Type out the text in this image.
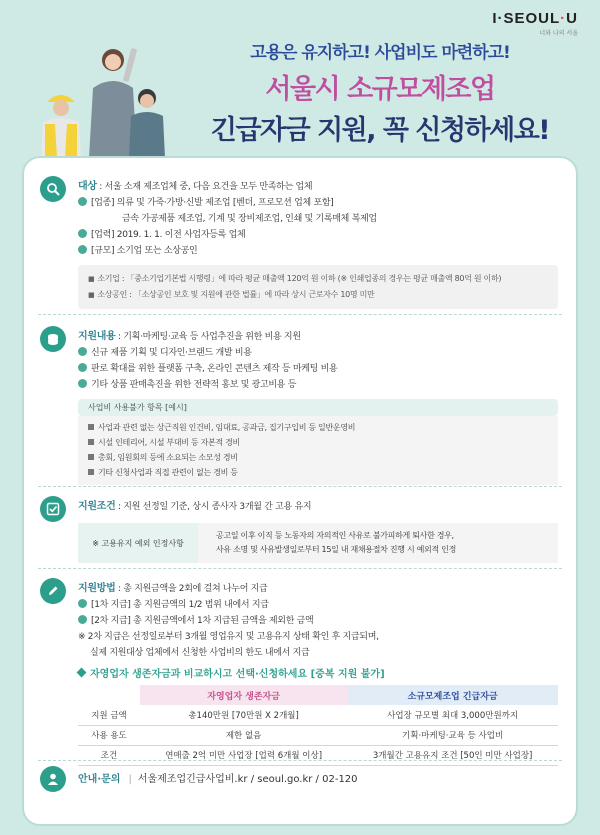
I·SEOUL·U
너와 나의 서울
고용은 유지하고! 사업비도 마련하고!
서울시 소규모제조업
긴급자금 지원, 꼭 신청하세요!
대상 : 서울 소재 제조업체 중, 다음 요건을 모두 만족하는 업체
[업종] 의류 및 가죽·가방·신발 제조업 [벤더, 프로모션 업체 포함]
금속 가공제품 제조업, 기계 및 장비제조업, 인쇄 및 기록매체 복제업
[업력] 2019. 1. 1. 이전 사업자등록 업체
[규모] 소기업 또는 소상공인
■ 소기업 : 「중소기업기본법 시행령」에 따라 평균 매출액 120억 원 이하 (※ 인쇄업종의 경우는 평균 매출액 80억 원 이하)
■ 소상공인 : 「소상공인 보호 및 지원에 관한 법률」에 따라 상시 근로자수 10명 미만
지원내용 : 기획·마케팅·교육 등 사업추진을 위한 비용 지원
신규 제품 기획 및 디자인·브랜드 개발 비용
판로 확대를 위한 플랫폼 구축, 온라인 콘텐츠 제작 등 마케팅 비용
기타 상품 판매촉진을 위한 전략적 홍보 및 광고비용 등
사업비 사용불가 항목 [예시]
사업과 관련 없는 상근직원 인건비, 임대료, 공과금, 집기구입비 등 일반운영비
시설 인테리어, 시설 부대비 등 자본적 경비
총회, 임원회의 등에 소요되는 소모성 경비
기타 신청사업과 직접 관련이 없는 경비 등
지원조건 : 지원 선정일 기준, 상시 종사자 3개월 간 고용 유지
※ 고용유지 예외 인정사항
공고일 이후 이직 등 노동자의 자의적인 사유로 불가피하게 퇴사한 경우,
사유 소명 및 사유발생일로부터 15일 내 재채용절차 진행 시 예외적 인정
지원방법 : 총 지원금액을 2회에 걸쳐 나누어 지급
[1차 지급] 총 지원금액의 1/2 범위 내에서 지급
[2차 지급] 총 지원금액에서 1차 지급된 금액을 제외한 금액
※ 2차 지급은 선정일로부터 3개월 영업유지 및 고용유지 상태 확인 후 지급되며,
실제 지원대상 업체에서 신청한 사업비의 한도 내에서 지급
자영업자 생존자금과 비교하시고 선택·신청하세요 [중복 지원 불가]
	자영업자 생존자금	소규모제조업 긴급자금
지원 금액	총140만원 [70만원 X 2개월]	사업장 규모별 최대 3,000만원까지
사용 용도	제한 없음	기획·마케팅·교육 등 사업비
조건	연매출 2억 미만 사업장 [업력 6개월 이상]	3개월간 고용유지 조건 [50인 미만 사업장]
안내·문의 | 서울제조업긴급사업비.kr / seoul.go.kr / 02-120
